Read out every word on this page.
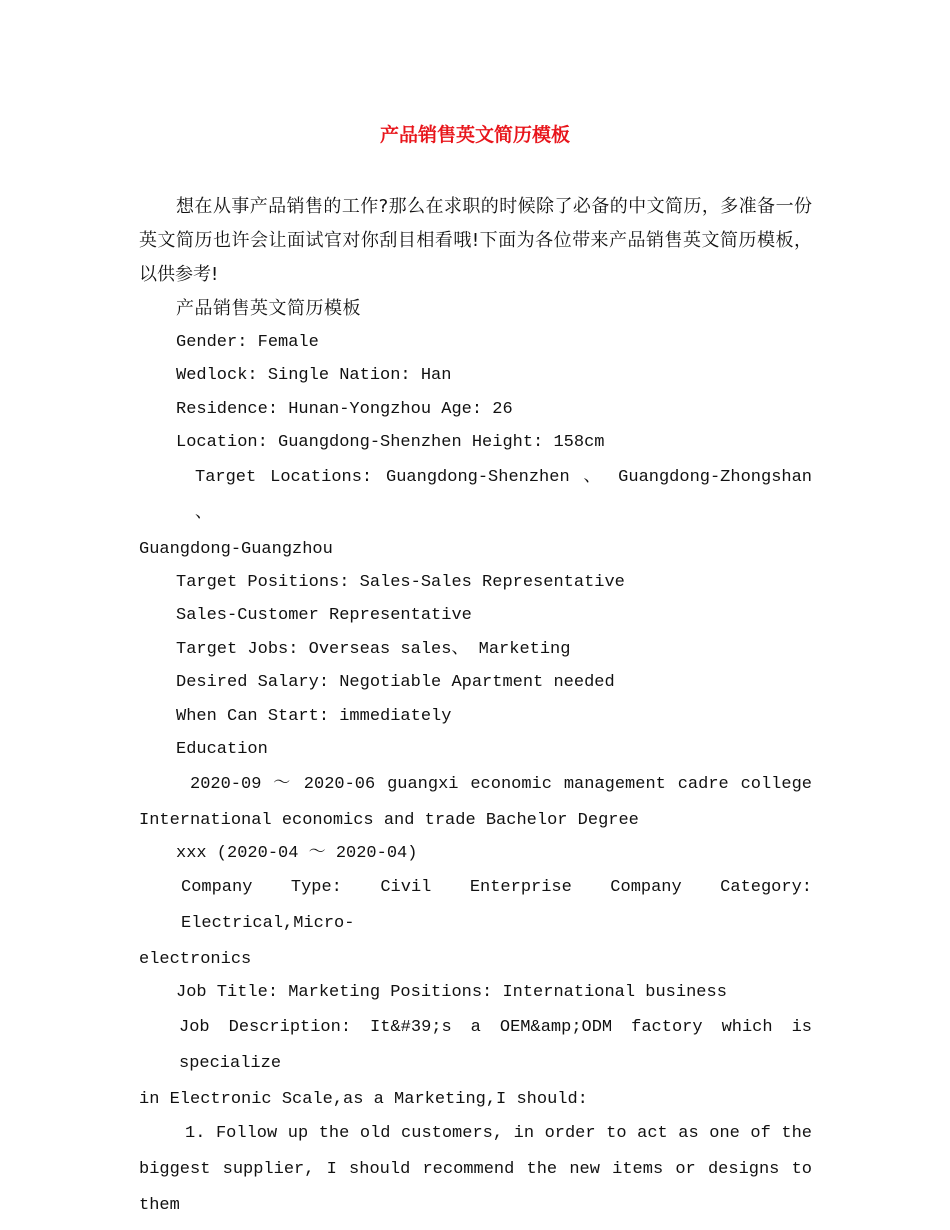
产品销售英文简历模板

想在从事产品销售的工作?那么在求职的时候除了必备的中文简历，多准备一份英文简历也许会让面试官对你刮目相看哦!下面为各位带来产品销售英文简历模板，以供参考!

产品销售英文简历模板

Gender: Female

Wedlock: Single Nation: Han

Residence: Hunan-Yongzhou Age: 26

Location: Guangdong-Shenzhen Height: 158cm

Target Locations: Guangdong-Shenzhen 、 Guangdong-Zhongshan 、
Guangdong-Guangzhou

Target Positions: Sales-Sales Representative

Sales-Customer Representative

Target Jobs: Overseas sales、 Marketing

Desired Salary: Negotiable Apartment needed

When Can Start: immediately

Education

2020-09 ～ 2020-06 guangxi economic management cadre college
International economics and trade Bachelor Degree

xxx (2020-04 ～ 2020-04)

Company Type: Civil Enterprise Company Category: Electrical,Micro-
electronics

Job Title: Marketing Positions: International business

Job Description: It&#39;s a OEM&amp;ODM factory which is specialize
in Electronic Scale,as a Marketing,I should:
1. Follow up the old customers, in order to act as one of the
biggest supplier, I should recommend the new items or designs to them
